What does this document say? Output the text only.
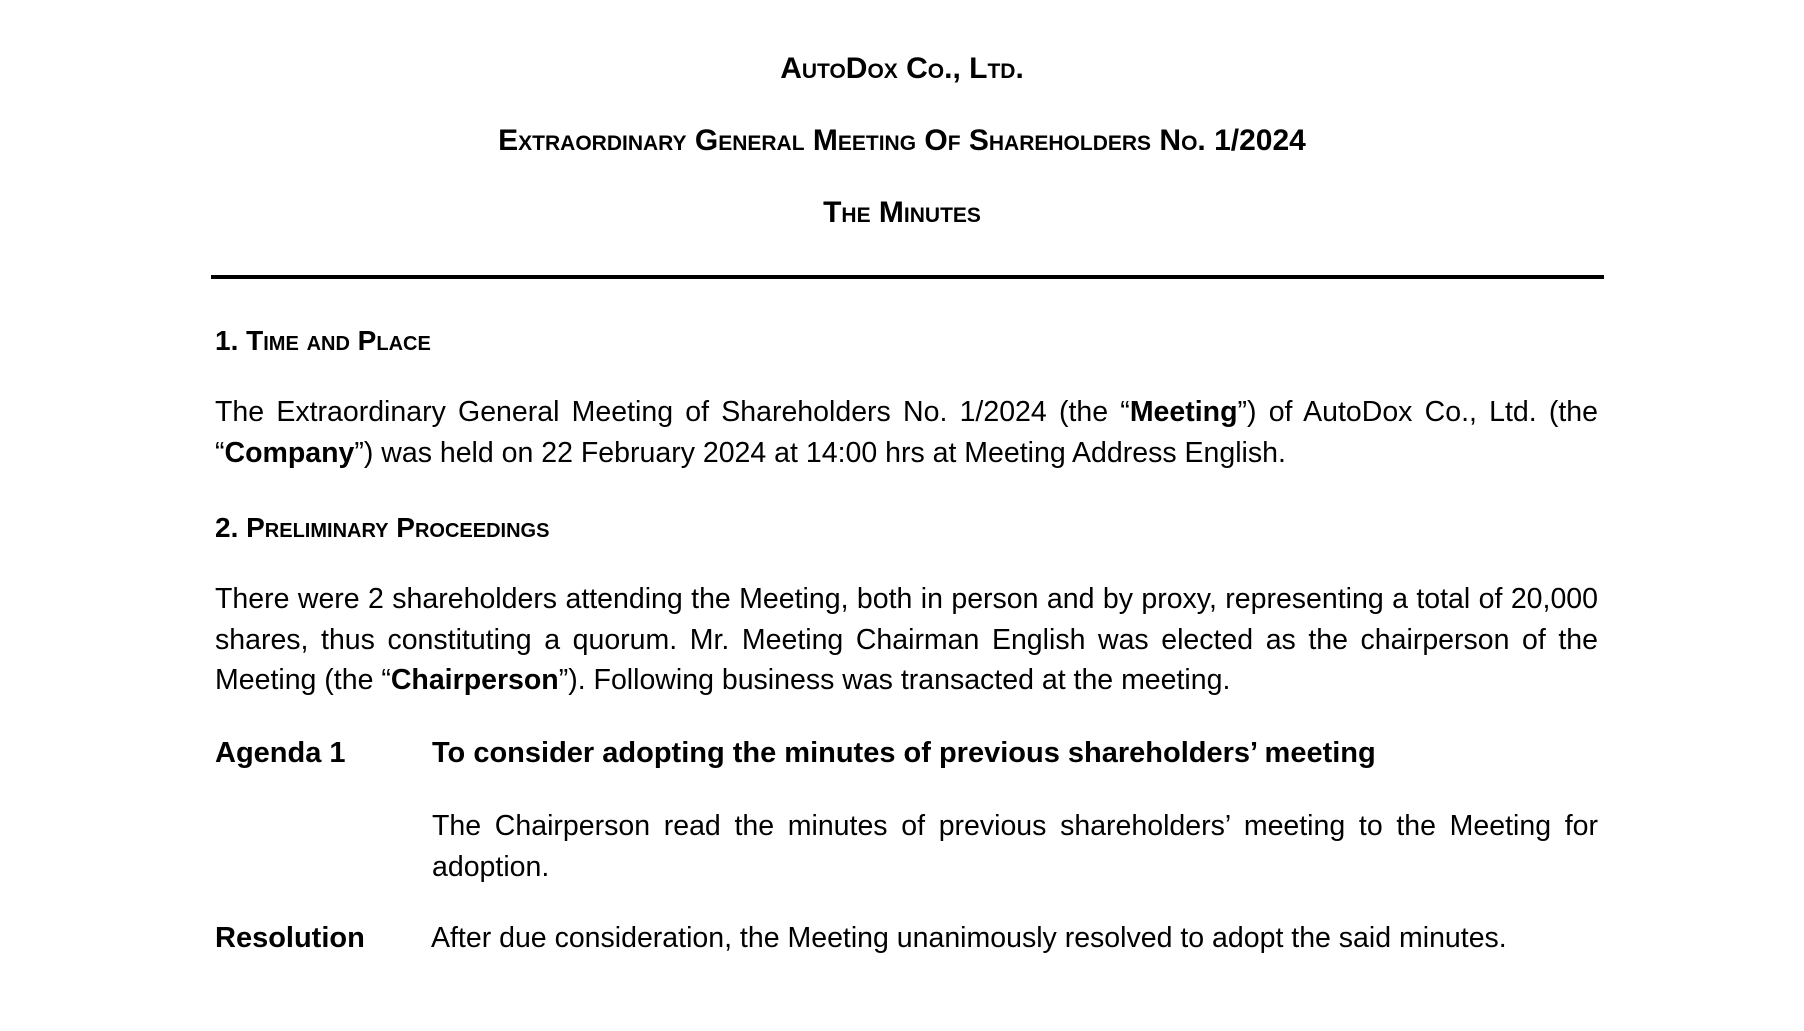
AutoDox Co., Ltd.
Extraordinary General Meeting Of Shareholders No. 1/2024
The Minutes
1. Time and Place

The Extraordinary General Meeting of Shareholders No. 1/2024 (the “Meeting”) of AutoDox Co., Ltd. (the “Company”) was held on 22 February 2024 at 14:00 hrs at Meeting Address English.

2. Preliminary Proceedings

There were 2 shareholders attending the Meeting, both in person and by proxy, representing a total of 20,000 shares, thus constituting a quorum. Mr. Meeting Chairman English was elected as the chairperson of the Meeting (the “Chairperson”). Following business was transacted at the meeting.

Agenda 1	To consider adopting the minutes of previous shareholders’ meeting
The Chairperson read the minutes of previous shareholders’ meeting to the Meeting for adoption.
Resolution After due consideration, the Meeting unanimously resolved to adopt the said minutes.
